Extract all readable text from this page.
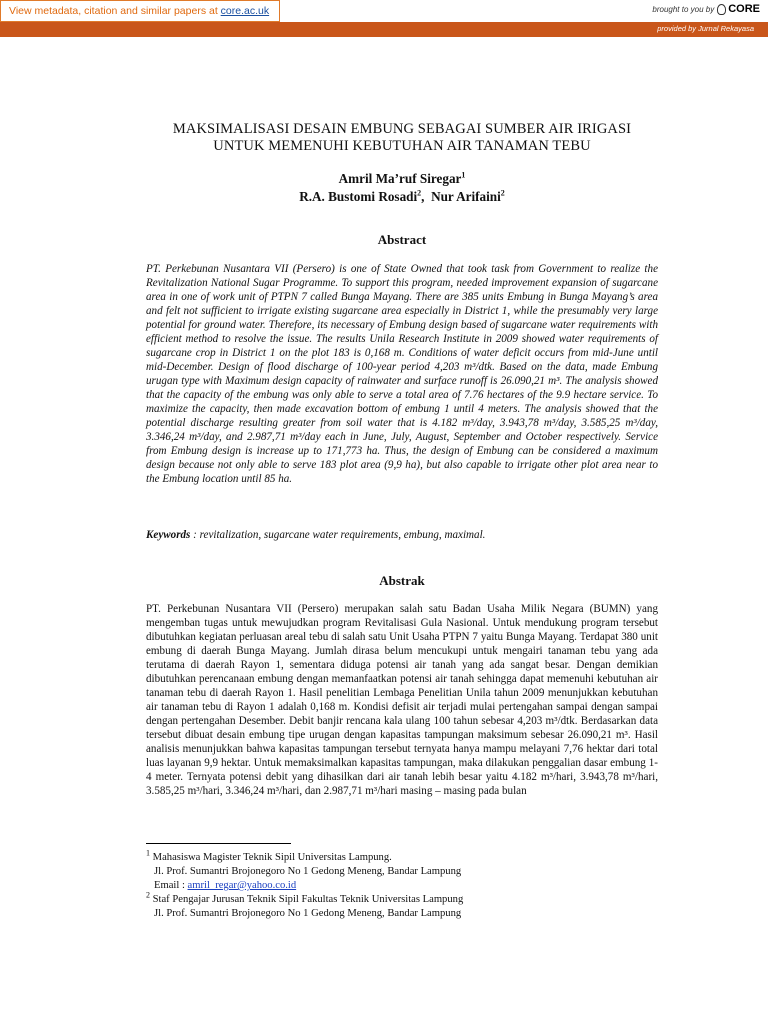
View metadata, citation and similar papers at core.ac.uk	brought to you by CORE
provided by Jurnal Rekayasa
MAKSIMALISASI DESAIN EMBUNG SEBAGAI SUMBER AIR IRIGASI
UNTUK MEMENUHI KEBUTUHAN AIR TANAMAN TEBU
Amril Ma’ruf Siregar$^1$
R.A. Bustomi Rosadi$^2$,  Nur Arifaini$^2$
Abstract
PT. Perkebunan Nusantara VII (Persero) is one of State Owned that took task from Government to realize the Revitalization National Sugar Programme. To support this program, needed improvement expansion of sugarcane area in one of work unit of PTPN 7 called Bunga Mayang. There are 385 units Embung in Bunga Mayang’s area and felt not sufficient to irrigate existing sugarcane area especially in District 1, while the presumably very large potential for ground water. Therefore, its necessary of Embung design based of sugarcane water requirements with efficient method to resolve the issue. The results Unila Research Institute in 2009 showed water requirements of sugarcane crop in District 1 on the plot 183 is 0,168 m. Conditions of water deficit occurs from mid-June until mid-December. Design of flood discharge of 100-year period 4,203 m³/dtk. Based on the data, made Embung urugan type with Maximum design capacity of rainwater and surface runoff is 26.090,21 m³. The analysis showed that the capacity of the embung was only able to serve a total area of 7.76 hectares of the 9.9 hectare service. To maximize the capacity, then made excavation bottom of embung 1 until 4 meters. The analysis showed that the potential discharge resulting greater from soil water that is 4.182 m³/day, 3.943,78 m³/day, 3.585,25 m³/day, 3.346,24 m³/day, and 2.987,71 m³/day each in June, July, August, September and October respectively. Service from Embung design is increase up to 171,773 ha. Thus, the design of Embung can be considered a maximum design because not only able to serve 183 plot area (9,9 ha), but also capable to irrigate other plot area near to the Embung location until 85 ha.
Keywords : revitalization, sugarcane water requirements, embung, maximal.
Abstrak
PT. Perkebunan Nusantara VII (Persero) merupakan salah satu Badan Usaha Milik Negara (BUMN) yang mengemban tugas untuk mewujudkan program Revitalisasi Gula Nasional. Untuk mendukung program tersebut dibutuhkan kegiatan perluasan areal tebu di salah satu Unit Usaha PTPN 7 yaitu Bunga Mayang. Terdapat 380 unit embung di daerah Bunga Mayang. Jumlah dirasa belum mencukupi untuk mengairi tanaman tebu yang ada terutama di daerah Rayon 1, sementara diduga potensi air tanah yang ada sangat besar. Dengan demikian dibutuhkan perencanaan embung dengan memanfaatkan potensi air tanah sehingga dapat memenuhi kebutuhan air tanaman tebu di daerah Rayon 1. Hasil penelitian Lembaga Penelitian Unila tahun 2009 menunjukkan kebutuhan air tanaman tebu di Rayon 1 adalah 0,168 m. Kondisi defisit air terjadi mulai pertengahan sampai dengan sampai dengan pertengahan Desember. Debit banjir rencana kala ulang 100 tahun sebesar 4,203 m³/dtk. Berdasarkan data tersebut dibuat desain embung tipe urugan dengan kapasitas tampungan maksimum sebesar 26.090,21 m³. Hasil analisis menunjukkan bahwa kapasitas tampungan tersebut ternyata hanya mampu melayani 7,76 hektar dari total luas layanan 9,9 hektar. Untuk memaksimalkan kapasitas tampungan, maka dilakukan penggalian dasar embung 1-4 meter. Ternyata potensi debit yang dihasilkan dari air tanah lebih besar yaitu 4.182 m³/hari, 3.943,78 m³/hari, 3.585,25 m³/hari, 3.346,24 m³/hari, dan 2.987,71 m³/hari masing – masing pada bulan
$^1$ Mahasiswa Magister Teknik Sipil Universitas Lampung.
Jl. Prof. Sumantri Brojonegoro No 1 Gedong Meneng, Bandar Lampung
Email : amril_regar@yahoo.co.id
$^2$ Staf Pengajar Jurusan Teknik Sipil Fakultas Teknik Universitas Lampung
Jl. Prof. Sumantri Brojonegoro No 1 Gedong Meneng, Bandar Lampung
